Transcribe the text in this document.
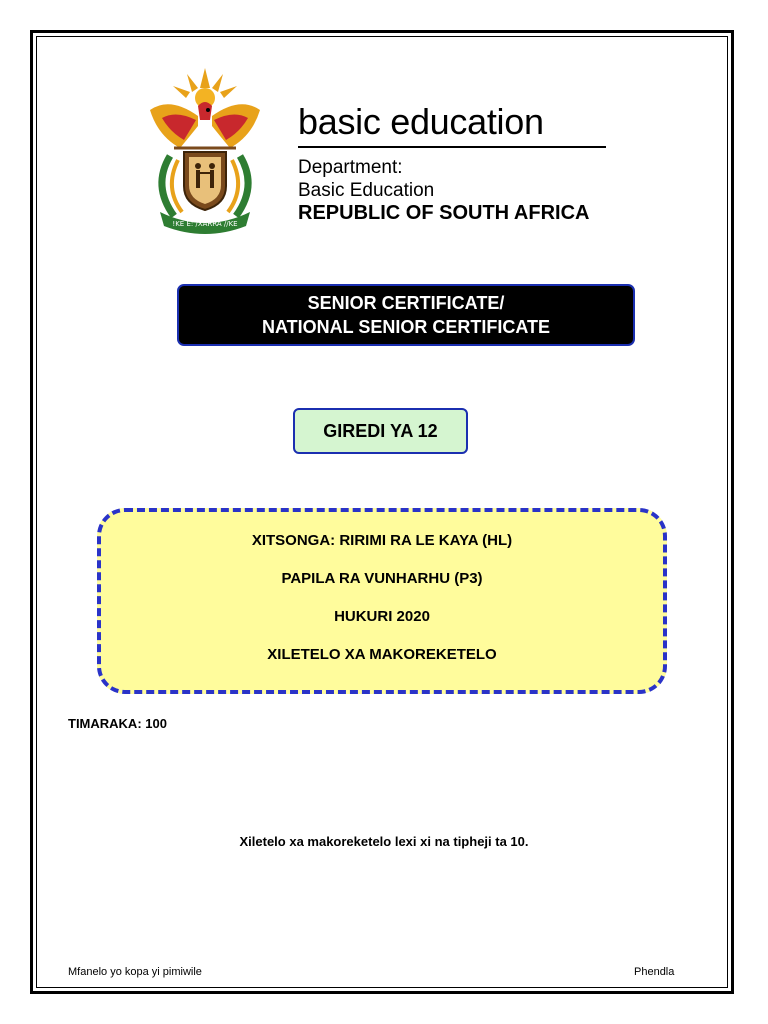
!KE E: /XARRA //KE
basic education
Department:
Basic Education
REPUBLIC OF SOUTH AFRICA
SENIOR CERTIFICATE/
NATIONAL SENIOR CERTIFICATE
GIREDI YA 12
XITSONGA: RIRIMI RA LE KAYA (HL)
PAPILA RA VUNHARHU (P3)
HUKURI 2020
XILETELO XA MAKOREKETELO
TIMARAKA: 100
Xiletelo xa makoreketelo lexi xi na tipheji ta 10.
Mfanelo yo kopa yi pimiwile	Phendla
